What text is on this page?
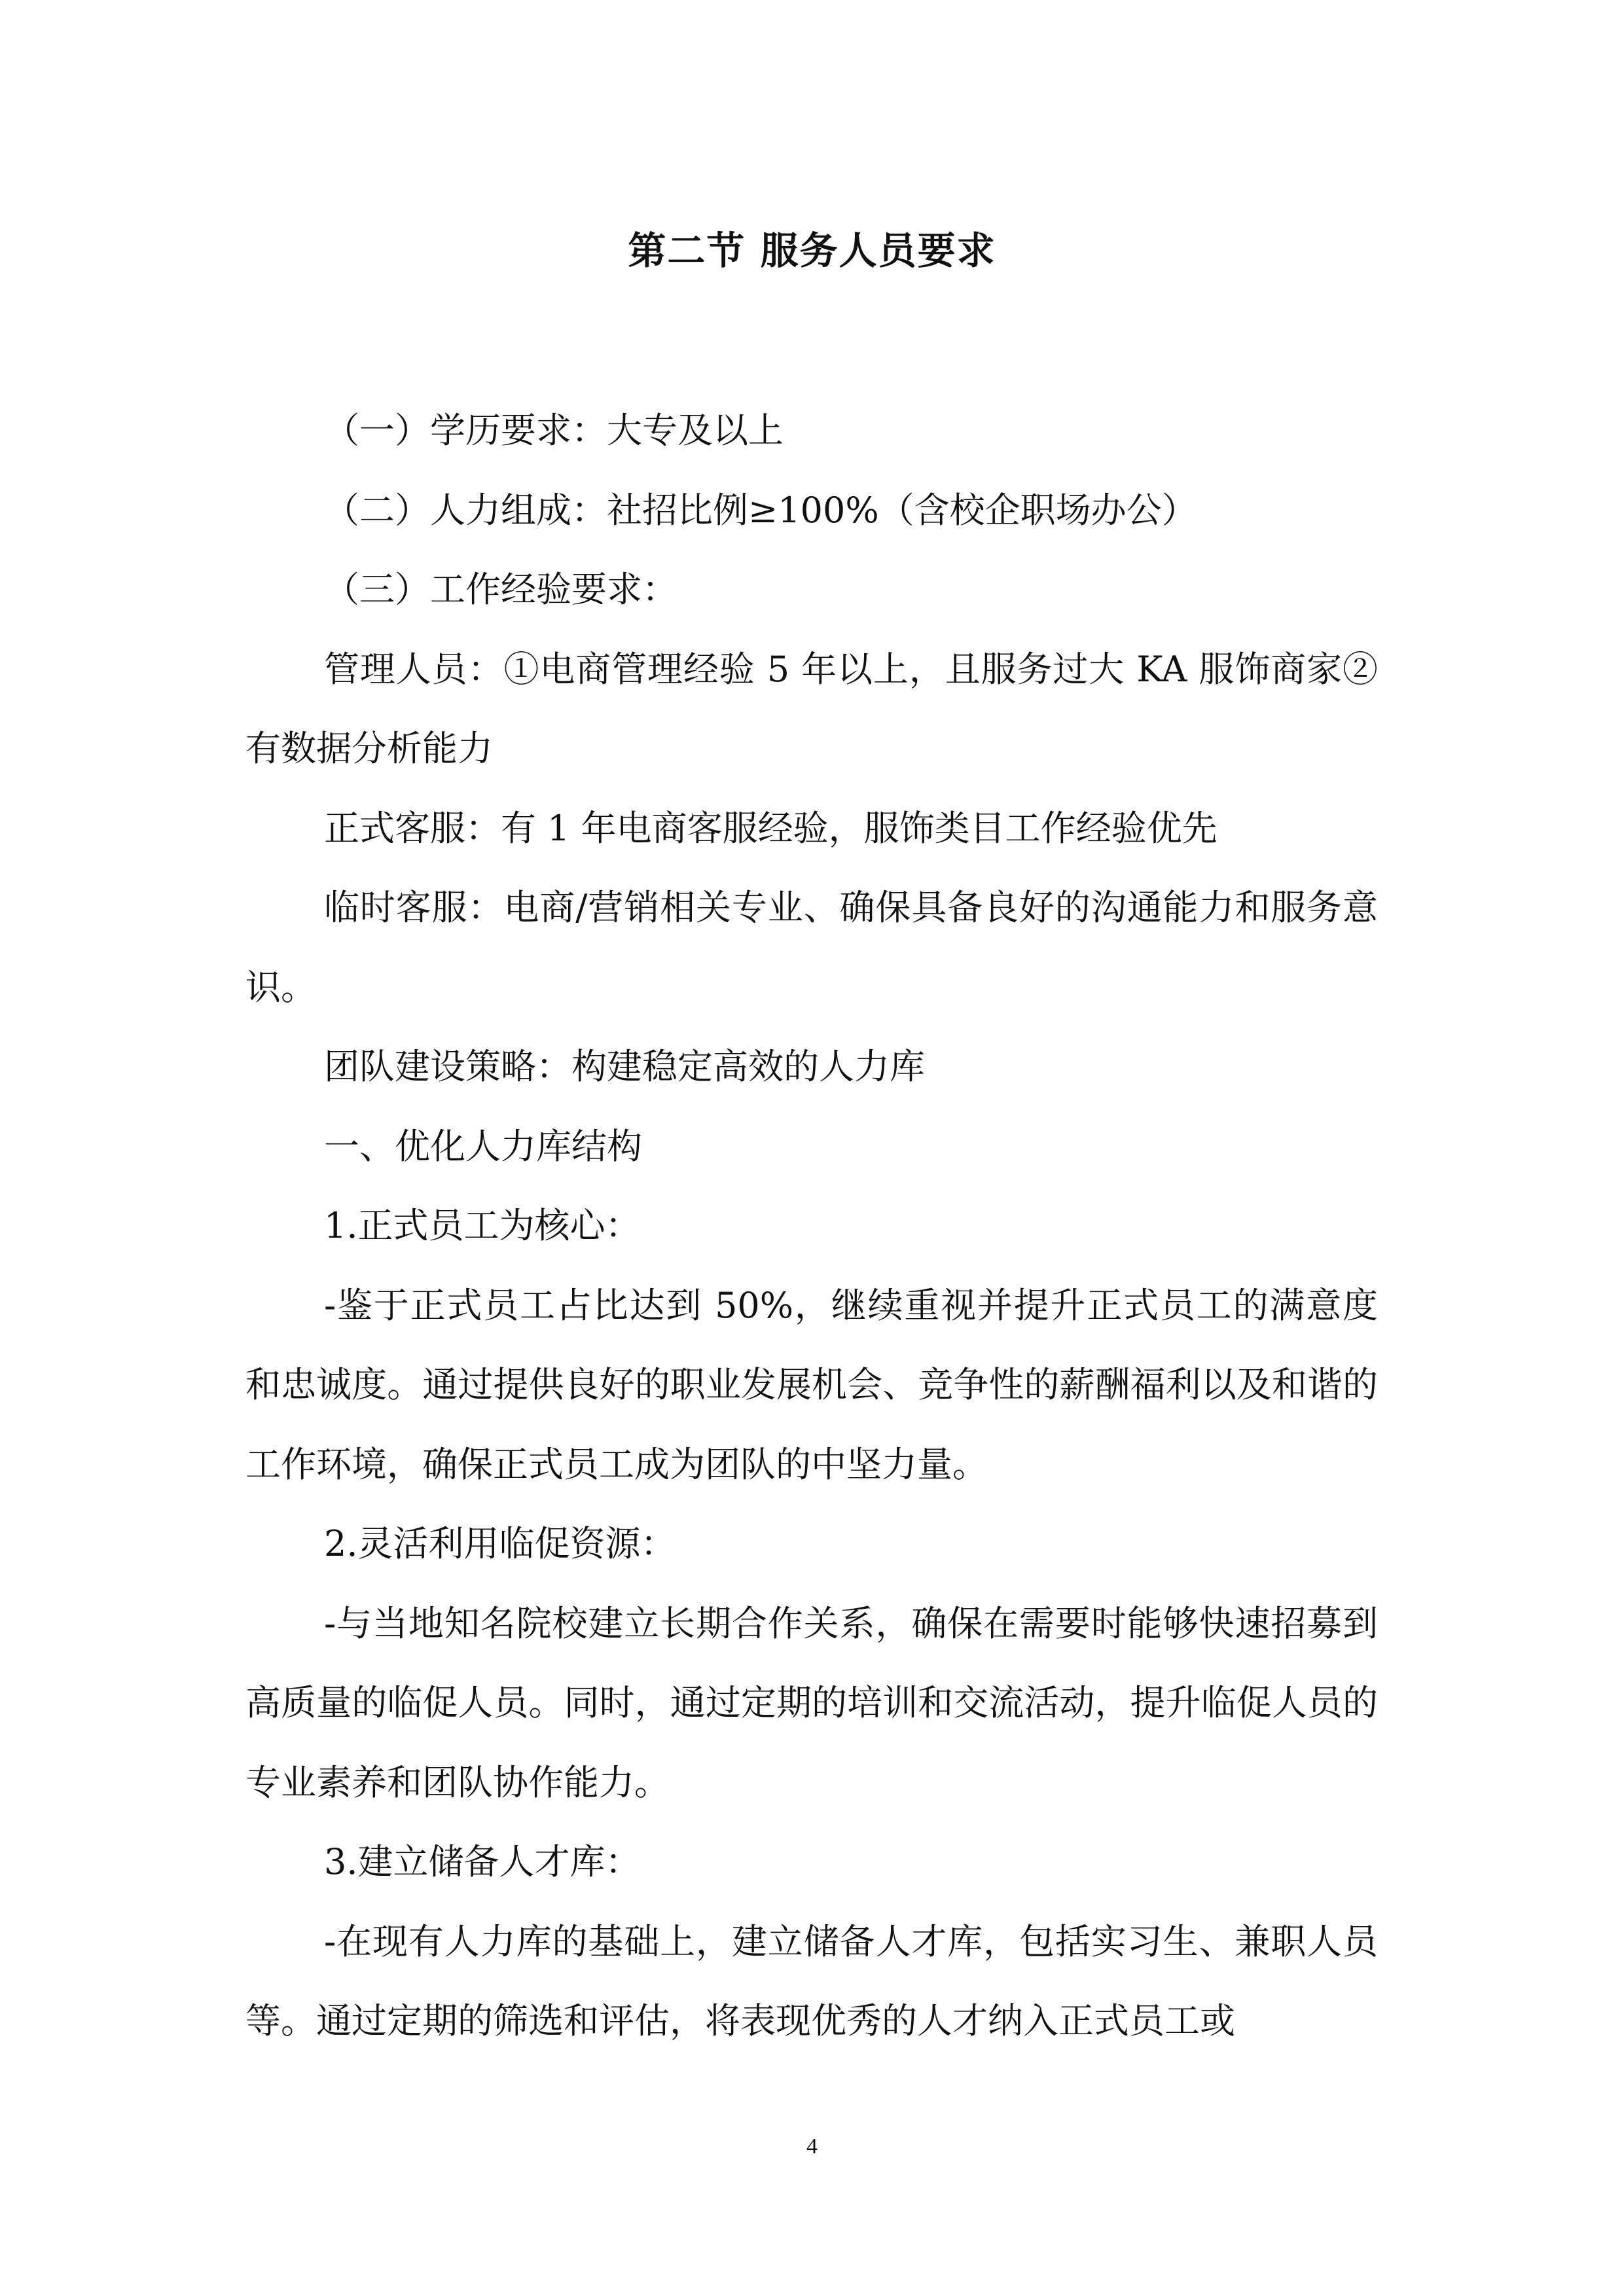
第二节 服务人员要求

（一）学历要求：大专及以上

（二）人力组成：社招比例≥100%（含校企职场办公）

（三）工作经验要求：

管理人员：①电商管理经验 5 年以上，且服务过大 KA 服饰商家②有数据分析能力

正式客服：有 1 年电商客服经验，服饰类目工作经验优先

临时客服：电商/营销相关专业、确保具备良好的沟通能力和服务意识。

团队建设策略：构建稳定高效的人力库

一、优化人力库结构

1.正式员工为核心：

-鉴于正式员工占比达到 50%，继续重视并提升正式员工的满意度和忠诚度。通过提供良好的职业发展机会、竞争性的薪酬福利以及和谐的工作环境，确保正式员工成为团队的中坚力量。

2.灵活利用临促资源：

-与当地知名院校建立长期合作关系，确保在需要时能够快速招募到高质量的临促人员。同时，通过定期的培训和交流活动，提升临促人员的专业素养和团队协作能力。

3.建立储备人才库：

-在现有人力库的基础上，建立储备人才库，包括实习生、兼职人员等。通过定期的筛选和评估，将表现优秀的人才纳入正式员工或

4
